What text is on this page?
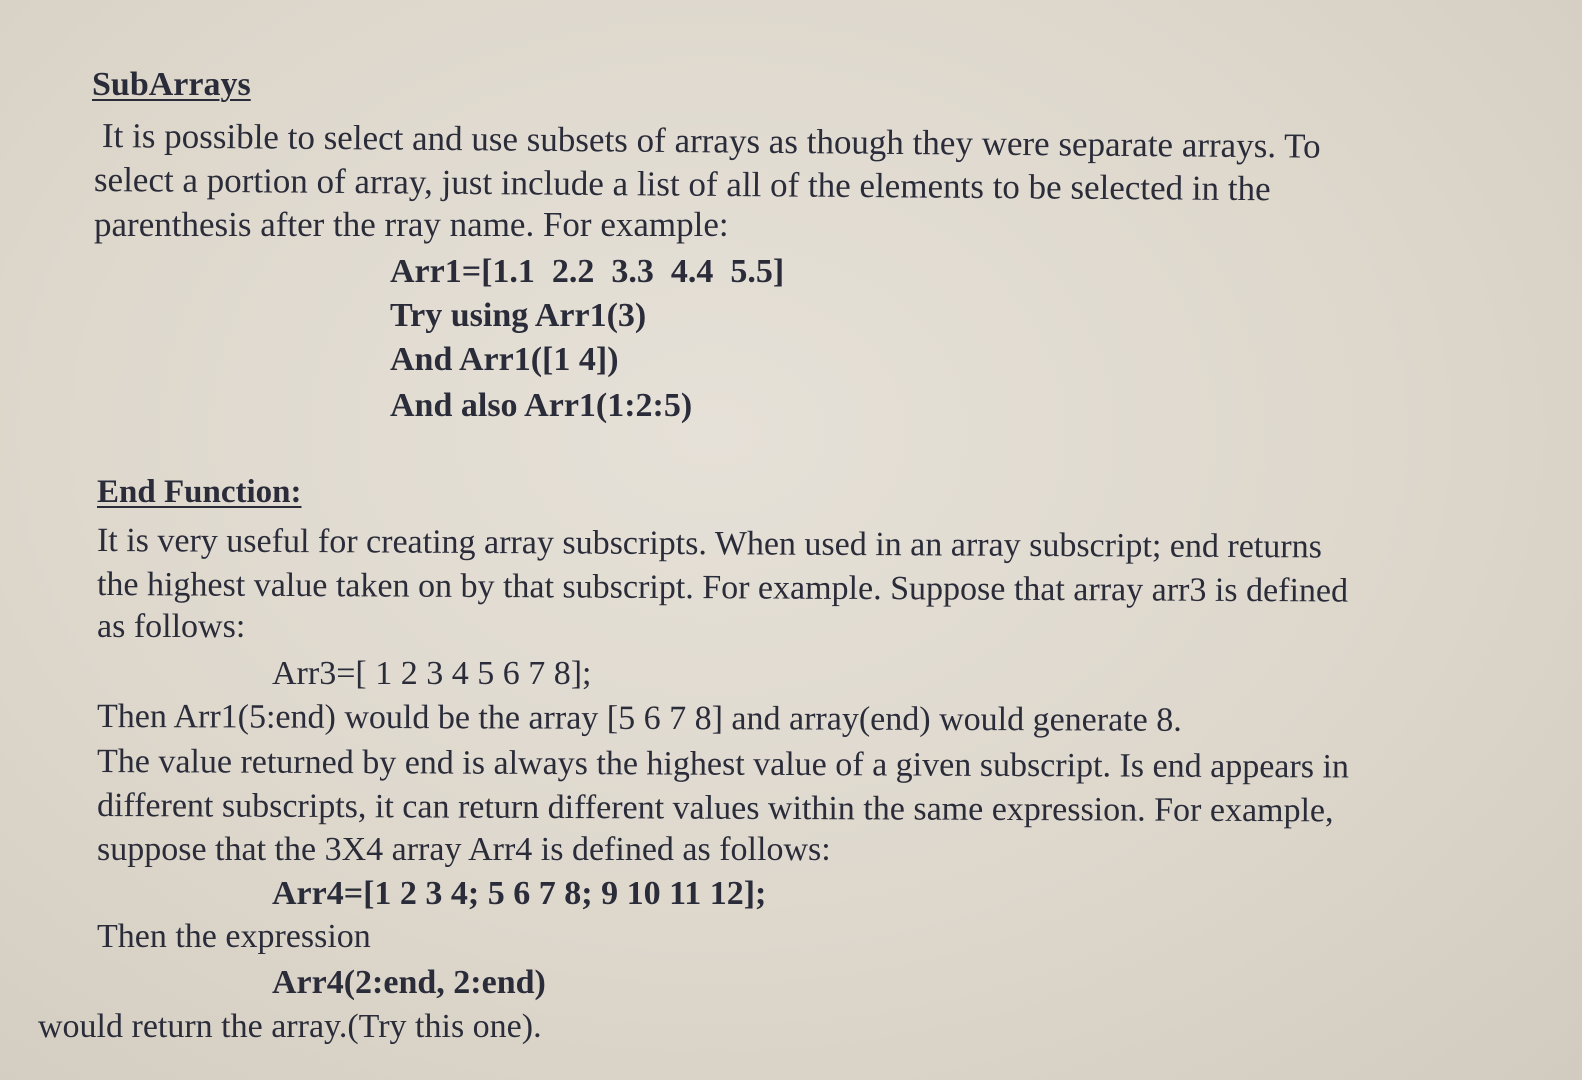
SubArrays
It is possible to select and use subsets of arrays as though they were separate arrays. To
select a portion of array, just include a list of all of the elements to be selected in the
parenthesis after the rray name. For example:
Arr1=[1.1  2.2  3.3  4.4  5.5]
Try using Arr1(3)
And Arr1([1 4])
And also Arr1(1:2:5)
End Function:
It is very useful for creating array subscripts. When used in an array subscript; end returns
the highest value taken on by that subscript. For example. Suppose that array arr3 is defined
as follows:
Arr3=[ 1 2 3 4 5 6 7 8];
Then Arr1(5:end) would be the array [5 6 7 8] and array(end) would generate 8.
The value returned by end is always the highest value of a given subscript. Is end appears in
different subscripts, it can return different values within the same expression. For example,
suppose that the 3X4 array Arr4 is defined as follows:
Arr4=[1 2 3 4; 5 6 7 8; 9 10 11 12];
Then the expression
Arr4(2:end, 2:end)
would return the array.(Try this one).
